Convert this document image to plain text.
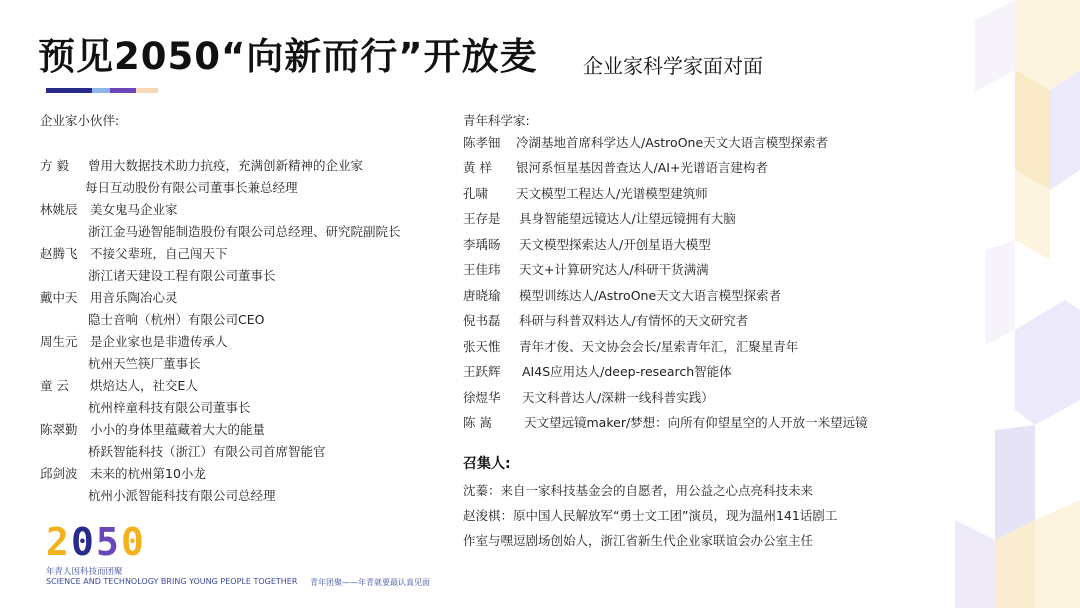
预见2050“向新而行”开放麦 企业家科学家面对面
企业家小伙伴:
方 毅 曾用大数据技术助力抗疫，充满创新精神的企业家
每日互动股份有限公司董事长兼总经理
林姚辰 美女鬼马企业家
浙江金马逊智能制造股份有限公司总经理、研究院副院长
赵腾飞 不接父辈班，自己闯天下
浙江诸天建设工程有限公司董事长
戴中天 用音乐陶冶心灵
隐士音响（杭州）有限公司CEO
周生元 是企业家也是非遗传承人
杭州天竺筷厂董事长
童 云 烘焙达人，社交E人
杭州梓童科技有限公司董事长
陈翠勤 小小的身体里蕴藏着大大的能量
桥跃智能科技（浙江）有限公司首席智能官
邱剑波 未来的杭州第10小龙
杭州小派智能科技有限公司总经理
青年科学家:
陈孝钿 冷湖基地首席科学达人/AstroOne天文大语言模型探索者
黄 样 银河系恒星基因普查达人/AI+光谱语言建构者
孔啸 天文模型工程达人/光谱模型建筑师
王存是 具身智能望远镜达人/让望远镜拥有大脑
李瑀旸 天文模型探索达人/开创星语大模型
王佳玮 天文+计算研究达人/科研干货满满
唐晓瑜 模型训练达人/AstroOne天文大语言模型探索者
倪书磊 科研与科普双料达人/有情怀的天文研究者
张天惟 青年才俊、天文协会会长/星索青年汇，汇聚星青年
王跃辉 AI4S应用达人/deep-research智能体
徐煜华 天文科普达人/深耕一线科普实践）
陈 嵩	天文望远镜maker/梦想：向所有仰望星空的人开放一米望远镜
召集人:
沈蓁：来自一家科技基金会的自愿者，用公益之心点亮科技未来
赵浚棋：原中国人民解放军“勇士文工团”演员，现为温州141话剧工
作室与嘿逗剧场创始人，浙江省新生代企业家联谊会办公室主任
2 0 5 0
年青人因科技而团聚
SCIENCE AND TECHNOLOGY BRING YOUNG PEOPLE TOGETHER 青年团聚——年青就要最认真见面
